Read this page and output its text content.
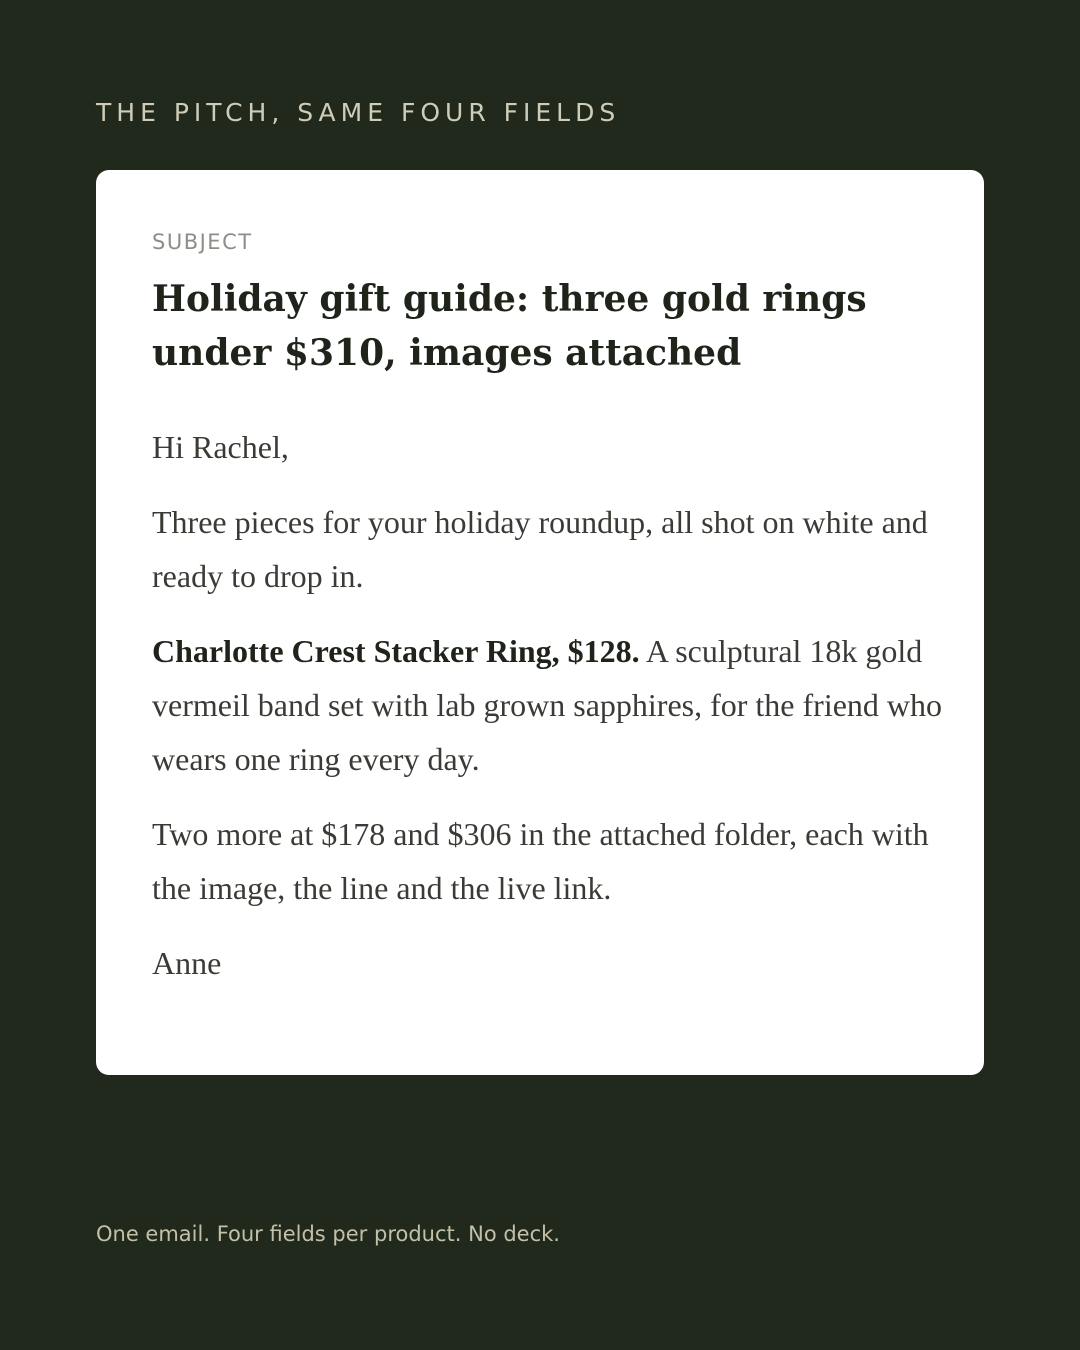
THE PITCH, SAME FOUR FIELDS
SUBJECT
Holiday gift guide: three gold rings under $310, images attached

Hi Rachel,

Three pieces for your holiday roundup, all shot on white and ready to drop in.

Charlotte Crest Stacker Ring, $128. A sculptural 18k gold vermeil band set with lab grown sapphires, for the friend who wears one ring every day.

Two more at $178 and $306 in the attached folder, each with the image, the line and the live link.

Anne

One email. Four fields per product. No deck.
